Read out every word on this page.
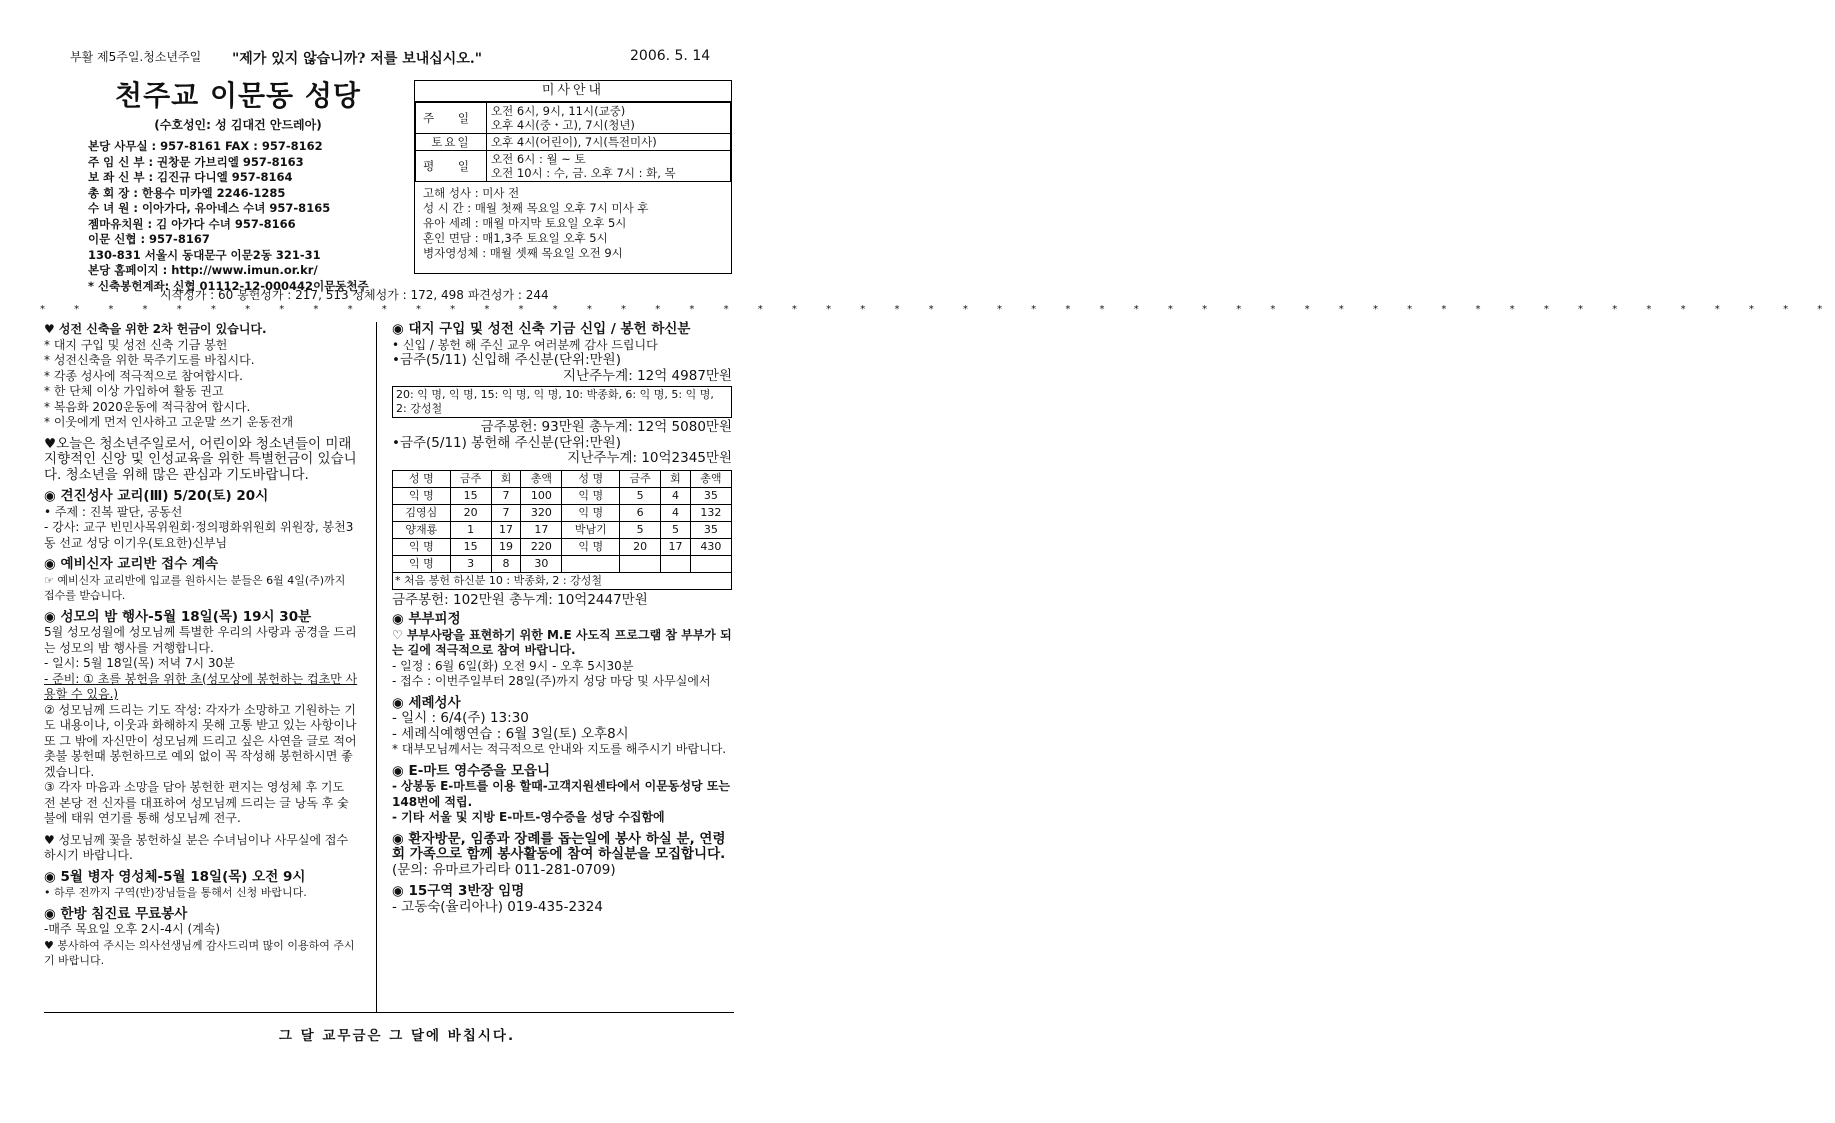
부활 제5주일.청소년주일 "제가 있지 않습니까? 저를 보내십시오."	2006. 5. 14
천주교 이문동 성당
(수호성인: 성 김대건 안드레아)
본당 사무실 : 957-8161 FAX : 957-8162
주 임 신 부 : 권창문 가브리엘 957-8163
보 좌 신 부 : 김진규 다니엘 957-8164
총 회 장 : 한용수 미카엘 2246-1285
수 녀 원 : 이아가다, 유아네스 수녀 957-8165
젬마유치원 : 김 아가다 수녀 957-8166
이문 신협 : 957-8167
130-831 서울시 동대문구 이문2동 321-31
본당 홈페이지 : http://www.imun.or.kr/
* 신축봉헌계좌: 신협 01112-12-000442이문동천주
미사안내
주 일	오전 6시, 9시, 11시(교중)
오후 4시(중・고), 7시(청년)

토요일	오후 4시(어린이), 7시(특전미사)
평 일	오전 6시 : 월 ~ 토
오전 10시 : 수, 금. 오후 7시 : 화, 목
고해 성사 : 미사 전
성 시 간 : 매월 첫째 목요일 오후 7시 미사 후
유아 세례 : 매월 마지막 토요일 오후 5시
혼인 면담 : 매1,3주 토요일 오후 5시
병자영성체 : 매월 셋째 목요일 오전 9시
시작성가 : 60 봉헌성가 : 217, 513 성체성가 : 172, 498 파견성가 : 244
* * * * * * * * * * * * * * * * * * * * * * * * * * * * * * * * * * * * * * * * * * * * * * * * * * * * *
♥ 성전 신축을 위한 2차 헌금이 있습니다.
* 대지 구입 및 성전 신축 기금 봉헌
* 성전신축을 위한 묵주기도를 바칩시다.
* 각종 성사에 적극적으로 참여합시다.
* 한 단체 이상 가입하여 활동 권고
* 복음화 2020운동에 적극참여 합시다.
* 이웃에게 먼저 인사하고 고운말 쓰기 운동전개
♥오늘은 청소년주일로서, 어린이와 청소년들이 미래지향적인 신앙 및 인성교육을 위한 특별헌금이 있습니다. 청소년을 위해 많은 관심과 기도바랍니다.
◉ 견진성사 교리(Ⅲ) 5/20(토) 20시
• 주제 : 진복 팔단, 공동선
- 강사: 교구 빈민사목위원회·정의평화위원회 위원장, 봉천3동 선교 성당 이기우(토요한)신부님
◉ 예비신자 교리반 접수 계속
☞ 예비신자 교리반에 입교를 원하시는 분들은 6월 4일(주)까지 접수를 받습니다.
◉ 성모의 밤 행사-5월 18일(목) 19시 30분
5월 성모성월에 성모님께 특별한 우리의 사랑과 공경을 드리는 성모의 밤 행사를 거행합니다.
- 일시: 5월 18일(목) 저녁 7시 30분
- 준비: ① 초를 봉헌을 위한 초(성모상에 봉헌하는 컵초만 사용할 수 있음.)
② 성모님께 드리는 기도 작성: 각자가 소망하고 기원하는 기도 내용이나, 이웃과 화해하지 못해 고통 받고 있는 사항이나 또 그 밖에 자신만이 성모님께 드리고 싶은 사연을 글로 적어 촛불 봉헌때 봉헌하므로 예외 없이 꼭 작성해 봉헌하시면 좋겠습니다.
③ 각자 마음과 소망을 담아 봉헌한 편지는 영성체 후 기도 전 본당 전 신자를 대표하여 성모님께 드리는 글 낭독 후 숯불에 태워 연기를 통해 성모님께 전구.
♥ 성모님께 꽃을 봉헌하실 분은 수녀님이나 사무실에 접수하시기 바랍니다.
◉ 5월 병자 영성체-5월 18일(목) 오전 9시
• 하루 전까지 구역(반)장님들을 통해서 신청 바랍니다.
◉ 한방 침진료 무료봉사
-매주 목요일 오후 2시-4시 (계속)
♥ 봉사하여 주시는 의사선생님께 감사드리며 많이 이용하여 주시기 바랍니다.
◉ 대지 구입 및 성전 신축 기금 신입 / 봉헌 하신분
• 신입 / 봉헌 해 주신 교우 여러분께 감사 드립니다
•금주(5/11) 신입해 주신분(단위:만원)
지난주누계: 12억 4987만원
20: 익 명, 익 명, 15: 익 명, 익 명, 10: 박종화, 6: 익 명, 5: 익 명, 2: 강성철
금주봉헌: 93만원 총누계: 12억 5080만원
•금주(5/11) 봉헌해 주신분(단위:만원)
지난주누계: 10억2345만원
성 명	금주	회	총액	성 명	금주	회	총액
익 명	15	7	100	익 명	5	4	35
김영심	20	7	320	익 명	6	4	132
양재룡	1	17	17	박남기	5	5	35
익 명	15	19	220	익 명	20	17	430
익 명	3	8	30				
* 처음 봉헌 하신분 10 : 박종화, 2 : 강성철							
금주봉헌: 102만원 총누계: 10억2447만원
◉ 부부피정
♡ 부부사랑을 표현하기 위한 M.E 사도직 프로그램 참 부부가 되는 길에 적극적으로 참여 바랍니다.
- 일정 : 6월 6일(화) 오전 9시 - 오후 5시30분
- 접수 : 이번주일부터 28일(주)까지 성당 마당 및 사무실에서
◉ 세례성사
- 일시 : 6/4(주) 13:30
- 세례식예행연습 : 6월 3일(토) 오후8시
* 대부모님께서는 적극적으로 안내와 지도를 해주시기 바랍니다.
◉ E-마트 영수증을 모읍니
- 상봉동 E-마트를 이용 할때-고객지원센타에서 이문동성당 또는 148번에 적립.
- 기타 서울 및 지방 E-마트-영수증을 성당 수집함에
◉ 환자방문, 임종과 장례를 돕는일에 봉사 하실 분, 연령회 가족으로 함께 봉사활동에 참여 하실분을 모집합니다.
(문의: 유마르가리타 011-281-0709)
◉ 15구역 3반장 임명
- 고동숙(율리아나) 019-435-2324
그 달 교무금은 그 달에 바칩시다.
